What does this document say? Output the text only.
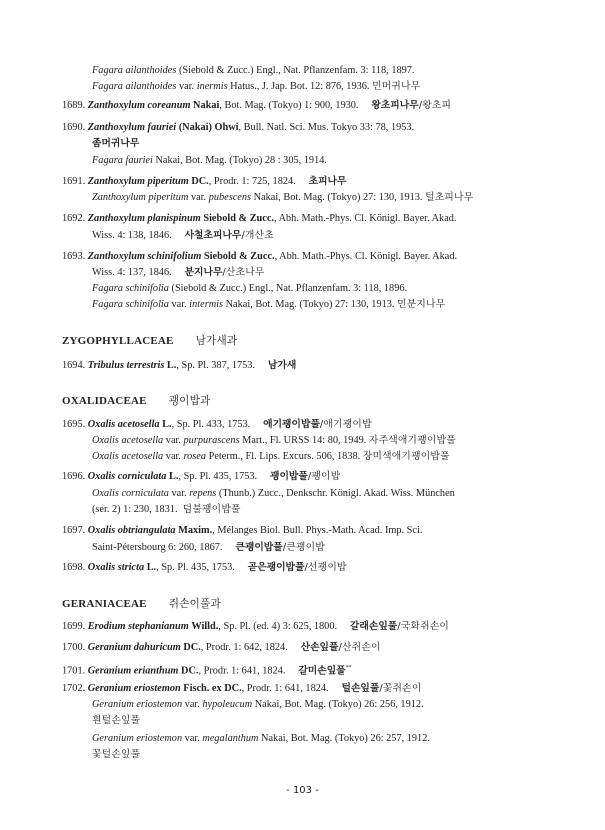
Fagara ailanthoides (Siebold & Zucc.) Engl., Nat. Pflanzenfam. 3: 118, 1897.
Fagara ailanthoides var. inermis Hatus., J. Jap. Bot. 12: 876, 1936. 민머귀나무
1689. Zanthoxylum coreanum Nakai, Bot. Mag. (Tokyo) 1: 900, 1930. 왕초피나무/왕초피
1690. Zanthoxylum fauriei (Nakai) Ohwi, Bull. Natl. Sci. Mus. Tokyo 33: 78, 1953.
좀머귀나무
Fagara fauriei Nakai, Bot. Mag. (Tokyo) 28 : 305, 1914.
1691. Zanthoxylum piperitum DC., Prodr. 1: 725, 1824. 초피나무
Zanthoxylum piperitum var. pubescens Nakai, Bot. Mag. (Tokyo) 27: 130, 1913. 털초피나무
1692. Zanthoxylum planispinum Siebold & Zucc., Abh. Math.-Phys. Cl. Königl. Bayer. Akad.
Wiss. 4: 138, 1846. 사철초피나무/개산초
1693. Zanthoxylum schinifolium Siebold & Zucc., Abh. Math.-Phys. Cl. Königl. Bayer. Akad.
Wiss. 4: 137, 1846. 분지나무/산초나무
Fagara schinifolia (Siebold & Zucc.) Engl., Nat. Pflanzenfam. 3: 118, 1896.
Fagara schinifolia var. intermis Nakai, Bot. Mag. (Tokyo) 27: 130, 1913. 민분지나무
ZYGOPHYLLACEAE 남가새과
1694. Tribulus terrestris L., Sp. Pl. 387, 1753. 남가새
OXALIDACEAE 괭이밥과
1695. Oxalis acetosella L., Sp. Pl. 433, 1753. 애기괭이밥풀/애기괭이밥
Oxalis acetosella var. purpurascens Mart., Fl. URSS 14: 80, 1949. 자주색애기괭이밥풀
Oxalis acetosella var. rosea Peterm., Fl. Lips. Excurs. 506, 1838. 장미색애기괭이밥풀
1696. Oxalis corniculata L., Sp. Pl. 435, 1753. 괭이밥풀/괭이밥
Oxalis corniculata var. repens (Thunb.) Zucc., Denkschr. Königl. Akad. Wiss. München
(ser. 2) 1: 230, 1831. 덤불괭이밥풀
1697. Oxalis obtriangulata Maxim., Mélanges Biol. Bull. Phys.-Math. Acad. Imp. Sci.
Saint-Pétersbourg 6: 260, 1867. 큰괭이밥풀/큰괭이밥
1698. Oxalis stricta L., Sp. Pl. 435, 1753. 곧은괭이밥풀/선괭이밥
GERANIACEAE 쥐손이풀과
1699. Erodium stephanianum Willd., Sp. Pl. (ed. 4) 3: 625, 1800. 갈래손잎풀/국화쥐손이
1700. Geranium dahuricum DC., Prodr. 1: 642, 1824. 산손잎풀/산쥐손이
1701. Geranium erianthum DC., Prodr. 1: 641, 1824. 갈미손잎풀**
1702. Geranium eriostemon Fisch. ex DC., Prodr. 1: 641, 1824. 털손잎풀/꽃쥐손이
Geranium eriostemon var. hypoleucum Nakai, Bot. Mag. (Tokyo) 26: 256, 1912.
흰털손잎풀
Geranium eriostemon var. megalanthum Nakai, Bot. Mag. (Tokyo) 26: 257, 1912.
꽃털손잎풀
- 103 -
